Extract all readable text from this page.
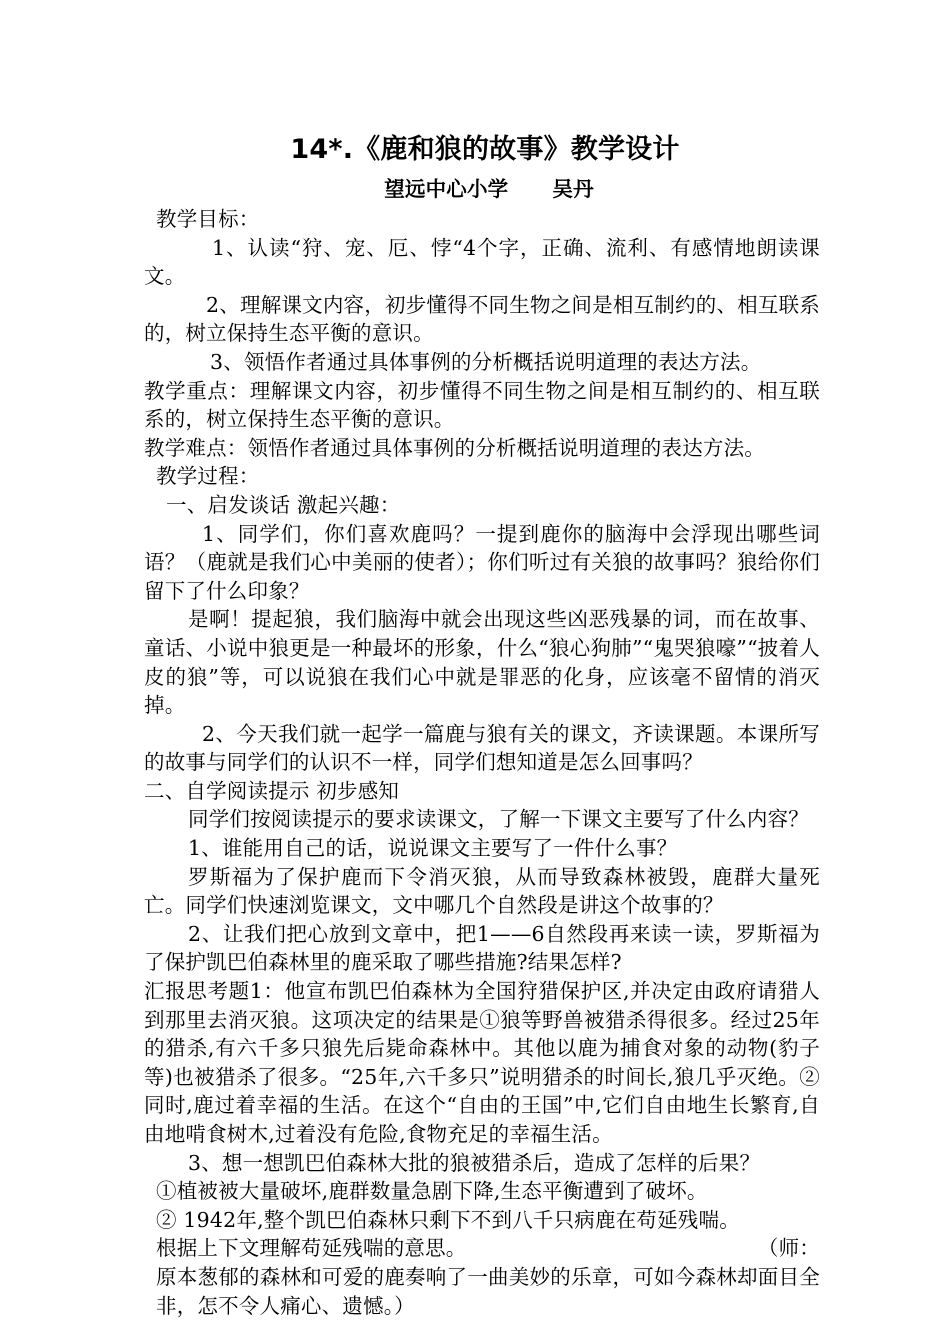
14*.《鹿和狼的故事》教学设计
望远中心小学      吴丹

教学目标：

1、认读“狩、宠、厄、悖“4个字，正确、流利、有感情地朗读课文。

2、理解课文内容，初步懂得不同生物之间是相互制约的、相互联系的，树立保持生态平衡的意识。

3、领悟作者通过具体事例的分析概括说明道理的表达方法。

教学重点：理解课文内容，初步懂得不同生物之间是相互制约的、相互联系的，树立保持生态平衡的意识。

教学难点：领悟作者通过具体事例的分析概括说明道理的表达方法。

教学过程：

一、启发谈话 激起兴趣：

1、同学们，你们喜欢鹿吗？一提到鹿你的脑海中会浮现出哪些词语？（鹿就是我们心中美丽的使者）；你们听过有关狼的故事吗？狼给你们留下了什么印象？

是啊！提起狼，我们脑海中就会出现这些凶恶残暴的词，而在故事、童话、小说中狼更是一种最坏的形象，什么“狼心狗肺”“鬼哭狼嚎”“披着人皮的狼”等，可以说狼在我们心中就是罪恶的化身，应该毫不留情的消灭掉。

2、今天我们就一起学一篇鹿与狼有关的课文，齐读课题。本课所写的故事与同学们的认识不一样，同学们想知道是怎么回事吗？

二、自学阅读提示 初步感知

同学们按阅读提示的要求读课文，了解一下课文主要写了什么内容？

1、谁能用自己的话，说说课文主要写了一件什么事？

罗斯福为了保护鹿而下令消灭狼，从而导致森林被毁，鹿群大量死亡。同学们快速浏览课文，文中哪几个自然段是讲这个故事的？

2、让我们把心放到文章中，把1——6自然段再来读一读，罗斯福为了保护凯巴伯森林里的鹿采取了哪些措施?结果怎样?

汇报思考题1：他宣布凯巴伯森林为全国狩猎保护区,并决定由政府请猎人到那里去消灭狼。这项决定的结果是①狼等野兽被猎杀得很多。经过25年的猎杀,有六千多只狼先后毙命森林中。其他以鹿为捕食对象的动物(豹子等)也被猎杀了很多。“25年,六千多只”说明猎杀的时间长,狼几乎灭绝。②同时,鹿过着幸福的生活。在这个“自由的王国”中,它们自由地生长繁育,自由地啃食树木,过着没有危险,食物充足的幸福生活。

3、想一想凯巴伯森林大批的狼被猎杀后，造成了怎样的后果？

①植被被大量破坏,鹿群数量急剧下降,生态平衡遭到了破坏。

② 1942年,整个凯巴伯森林只剩下不到八千只病鹿在苟延残喘。

根据上下文理解苟延残喘的意思。	（师：

原本葱郁的森林和可爱的鹿奏响了一曲美妙的乐章，可如今森林却面目全非，怎不令人痛心、遗憾。）
